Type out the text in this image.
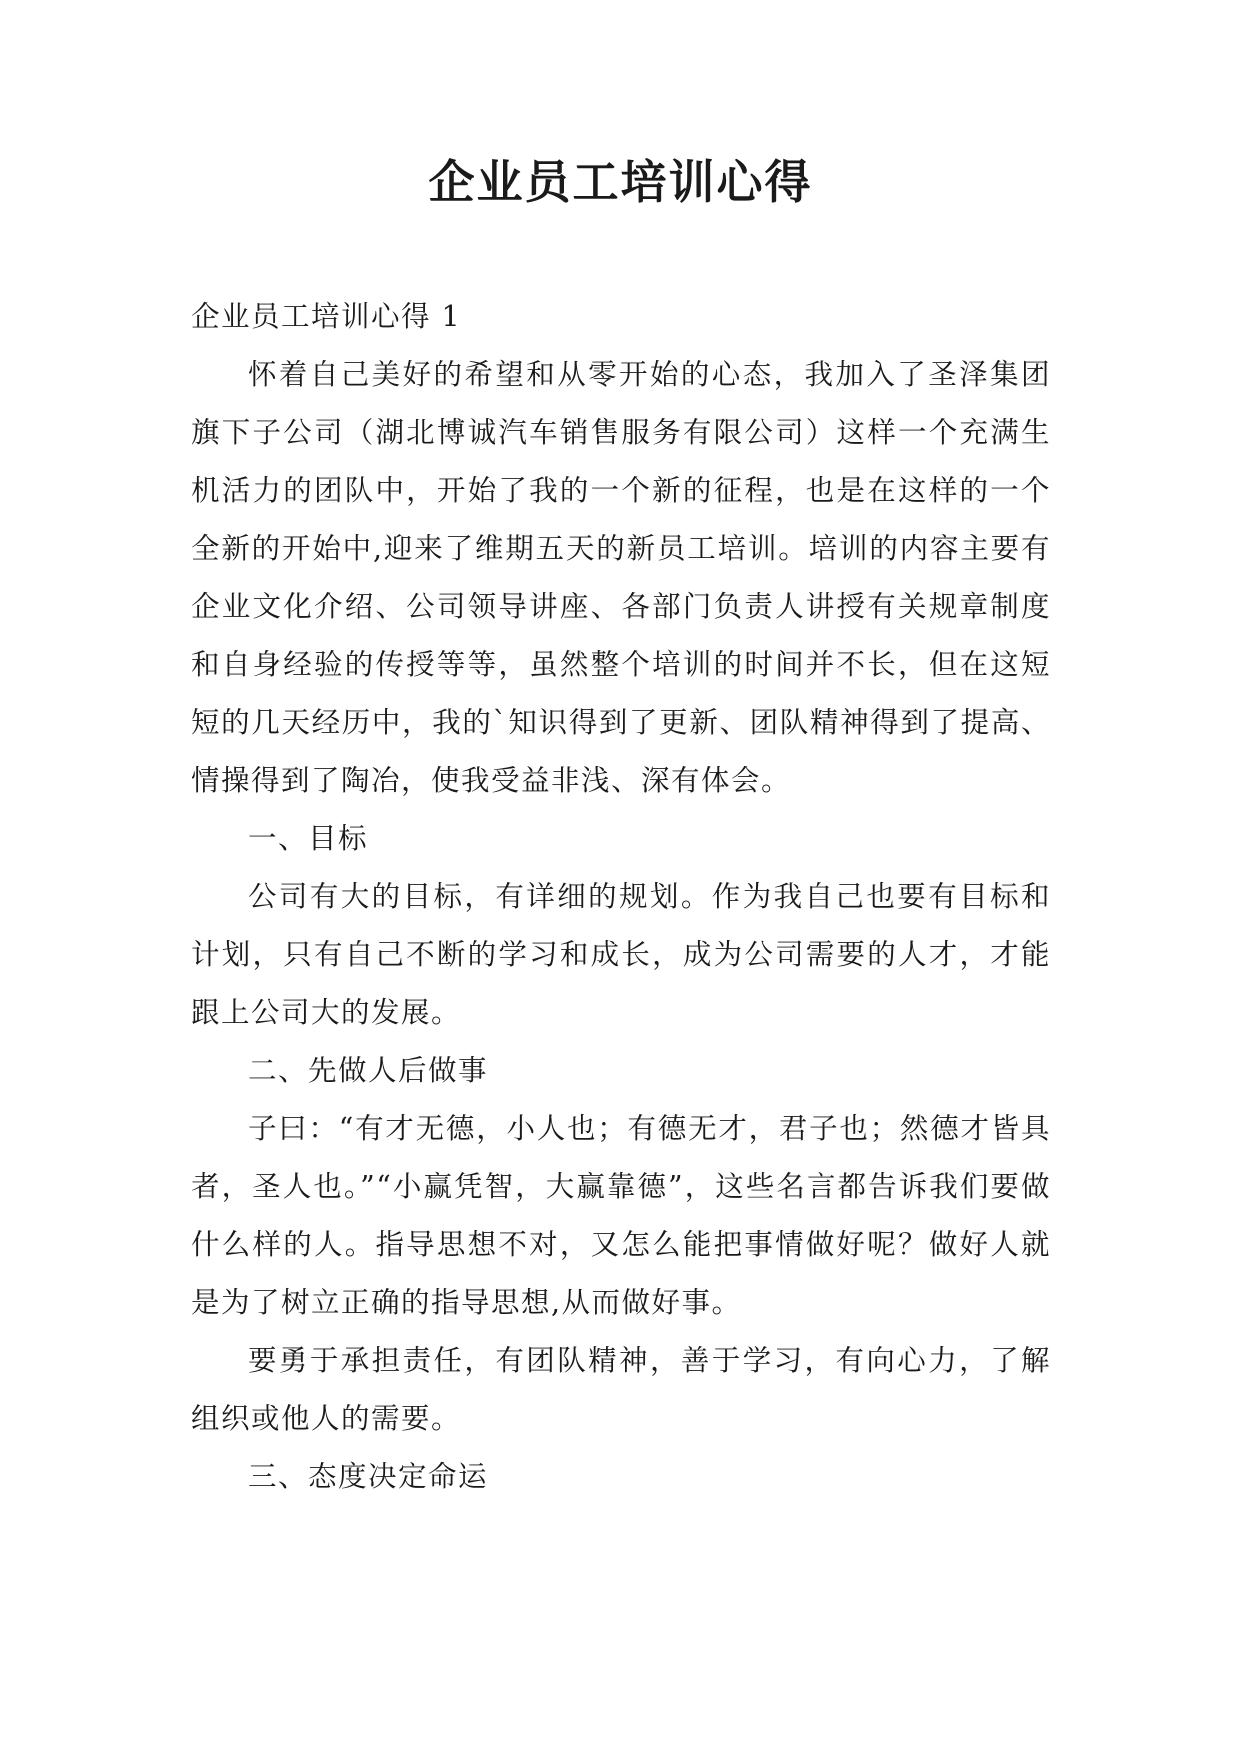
企业员工培训心得

企业员工培训心得 1

怀着自己美好的希望和从零开始的心态，我加入了圣泽集团旗下子公司（湖北博诚汽车销售服务有限公司）这样一个充满生机活力的团队中，开始了我的一个新的征程，也是在这样的一个全新的开始中,迎来了维期五天的新员工培训。培训的内容主要有企业文化介绍、公司领导讲座、各部门负责人讲授有关规章制度和自身经验的传授等等，虽然整个培训的时间并不长，但在这短短的几天经历中，我的`知识得到了更新、团队精神得到了提高、情操得到了陶冶，使我受益非浅、深有体会。

一、目标

公司有大的目标，有详细的规划。作为我自己也要有目标和计划，只有自己不断的学习和成长，成为公司需要的人才，才能跟上公司大的发展。

二、先做人后做事

子曰：“有才无德，小人也；有德无才，君子也；然德才皆具者，圣人也。”“小赢凭智，大赢靠德”，这些名言都告诉我们要做什么样的人。指导思想不对，又怎么能把事情做好呢？做好人就是为了树立正确的指导思想,从而做好事。

要勇于承担责任，有团队精神，善于学习，有向心力，了解组织或他人的需要。

三、态度决定命运
